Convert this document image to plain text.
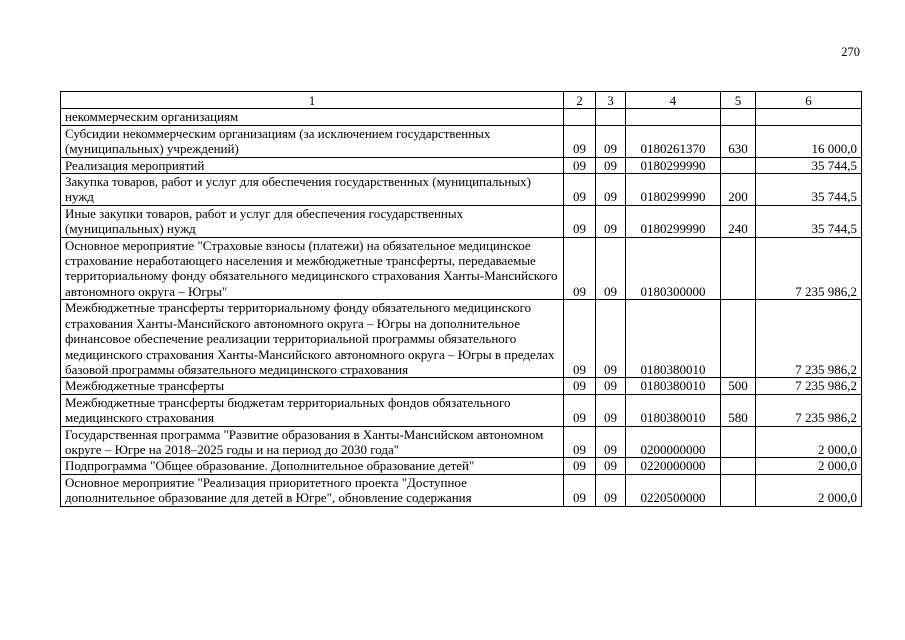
270
1	2	3	4	5	6
некоммерческим организациям					
Субсидии некоммерческим организациям (за исключением государственных (муниципальных) учреждений)	09	09	0180261370	630	16 000,0
Реализация мероприятий	09	09	0180299990		35 744,5
Закупка товаров, работ и услуг для обеспечения государственных (муниципальных) нужд	09	09	0180299990	200	35 744,5
Иные закупки товаров, работ и услуг для обеспечения государственных (муниципальных) нужд	09	09	0180299990	240	35 744,5
Основное мероприятие "Страховые взносы (платежи) на обязательное медицинское страхование неработающего населения и межбюджетные трансферты, передаваемые территориальному фонду обязательного медицинского страхования Ханты-Мансийского автономного округа – Югры"	09	09	0180300000		7 235 986,2
Межбюджетные трансферты территориальному фонду обязательного медицинского страхования Ханты-Мансийского автономного округа – Югры на дополнительное финансовое обеспечение реализации территориальной программы обязательного медицинского страхования Ханты-Мансийского автономного округа – Югры в пределах базовой программы обязательного медицинского страхования	09	09	0180380010		7 235 986,2
Межбюджетные трансферты	09	09	0180380010	500	7 235 986,2
Межбюджетные трансферты бюджетам территориальных фондов обязательного медицинского страхования	09	09	0180380010	580	7 235 986,2
Государственная программа "Развитие образования в Ханты-Мансийском автономном округе – Югре на 2018–2025 годы и на период до 2030 года"	09	09	0200000000		2 000,0
Подпрограмма "Общее образование. Дополнительное образование детей"	09	09	0220000000		2 000,0
Основное мероприятие "Реализация приоритетного проекта "Доступное дополнительное образование для детей в Югре", обновление содержания	09	09	0220500000		2 000,0
